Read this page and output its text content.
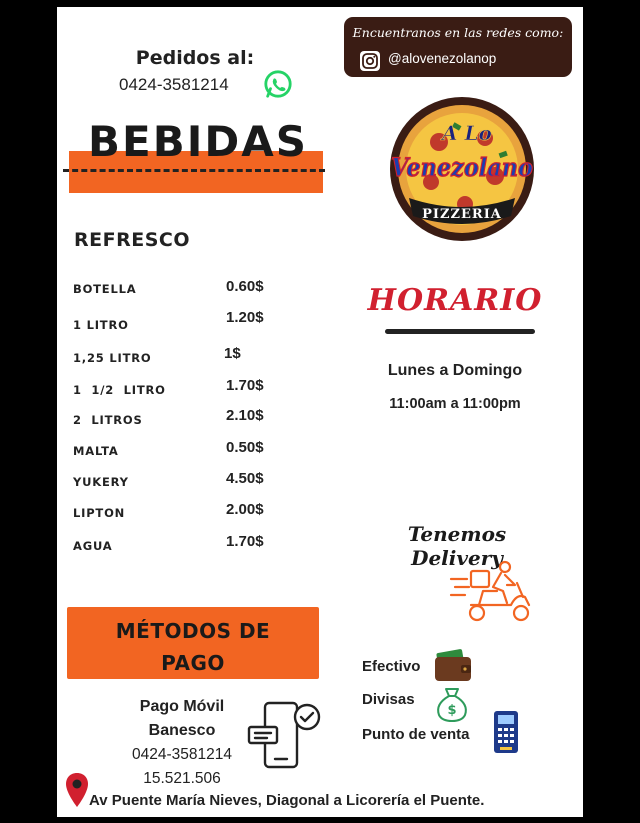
Pedidos al:
0424-3581214
Encuentranos en las redes como:
@alovenezolanop
BEBIDAS	A Lo
Venezolano
PIZZERIA
REFRESCO
BOTELLA	0.60$
1 LITRO	1.20$
1,25 LITRO	1$
1  1/2  LITRO	1.70$
2  LITROS	2.10$
MALTA	0.50$
YUKERY	4.50$
LIPTON	2.00$
AGUA	1.70$
HORARIO
Lunes a Domingo
11:00am a 11:00pm
Tenemos Delivery
MÉTODOS DE
PAGO
Pago Móvil
Banesco
0424-3581214
15.521.506
Efectivo
Divisas
$
Punto de venta
Av Puente María Nieves, Diagonal a Licorería el Puente.
